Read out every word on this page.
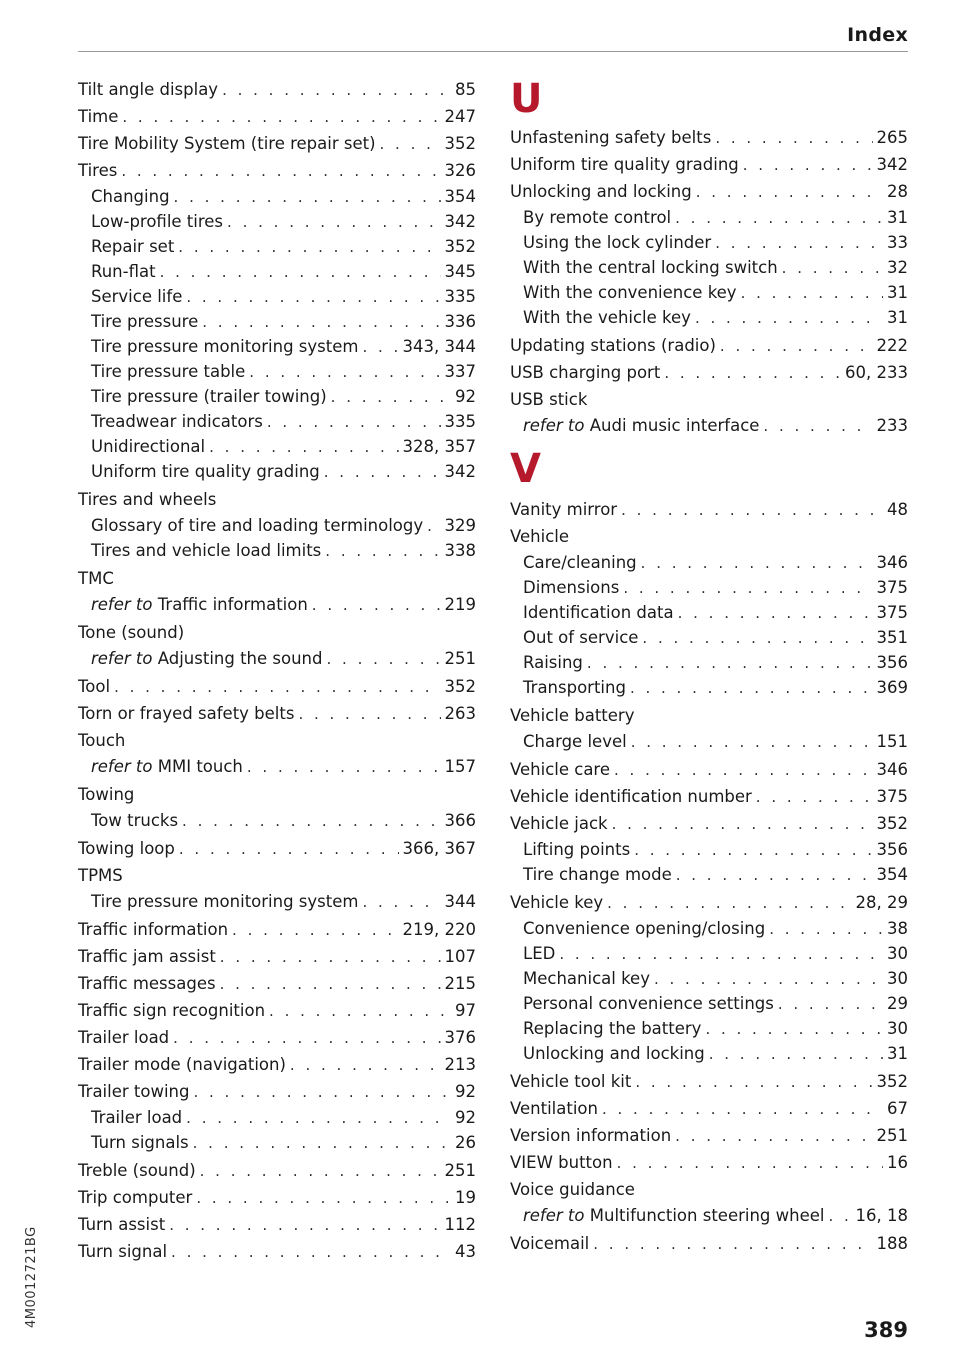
Index
Tilt angle display . . .	85
Time . . .	247
Tire Mobility System (tire repair set) . . .	352
Tires . . .	326
Changing . . .	354
Low-profile tires . . .	342
Repair set . . .	352
Run-flat . . .	345
Service life . . .	335
Tire pressure . . .	336
Tire pressure monitoring system . . .	343, 344
Tire pressure table . . .	337
Tire pressure (trailer towing) . . .	92
Treadwear indicators . . .	335
Unidirectional . . .	328, 357
Uniform tire quality grading . . .	342
Tires and wheels
Glossary of tire and loading terminology . . . 329
Tires and vehicle load limits . . .	338
TMC
refer to Traffic information . . .	219
Tone (sound)
refer to Adjusting the sound . . .	251
Tool . . .	352
Torn or frayed safety belts . . .	263
Touch
refer to MMI touch . . .	157
Towing
Tow trucks . . .	366
Towing loop . . .	366, 367
TPMS
Tire pressure monitoring system . . .	344
Traffic information . . .	219, 220
Traffic jam assist . . .	107
Traffic messages . . .	215
Traffic sign recognition . . .	97
Trailer load . . .	376
Trailer mode (navigation) . . .	213
Trailer towing . . .	92
Trailer load . . .	92
Turn signals . . .	26
Treble (sound) . . .	251
Trip computer . . .	19
Turn assist . . .	112
Turn signal . . .	43
U
Unfastening safety belts . . .	265
Uniform tire quality grading . . .	342
Unlocking and locking . . .	28
By remote control . . .	31
Using the lock cylinder . . .	33
With the central locking switch . . .	32
With the convenience key . . .	31
With the vehicle key . . .	31
Updating stations (radio) . . .	222
USB charging port . . .	60, 233
USB stick
refer to Audi music interface . . .	233
V
Vanity mirror . . .	48
Vehicle
Care/cleaning . . .	346
Dimensions . . .	375
Identification data . . .	375
Out of service . . .	351
Raising . . .	356
Transporting . . .	369
Vehicle battery
Charge level . . .	151
Vehicle care . . .	346
Vehicle identification number . . .	375
Vehicle jack . . .	352
Lifting points . . .	356
Tire change mode . . .	354
Vehicle key . . .	28, 29
Convenience opening/closing . . .	38
LED . . .	30
Mechanical key . . .	30
Personal convenience settings . . .	29
Replacing the battery . . .	30
Unlocking and locking . . .	31
Vehicle tool kit . . .	352
Ventilation . . .	67
Version information . . .	251
VIEW button . . .	16
Voice guidance
refer to Multifunction steering wheel . . . 16, 18
Voicemail . . .	188
4M0012721BG
389
